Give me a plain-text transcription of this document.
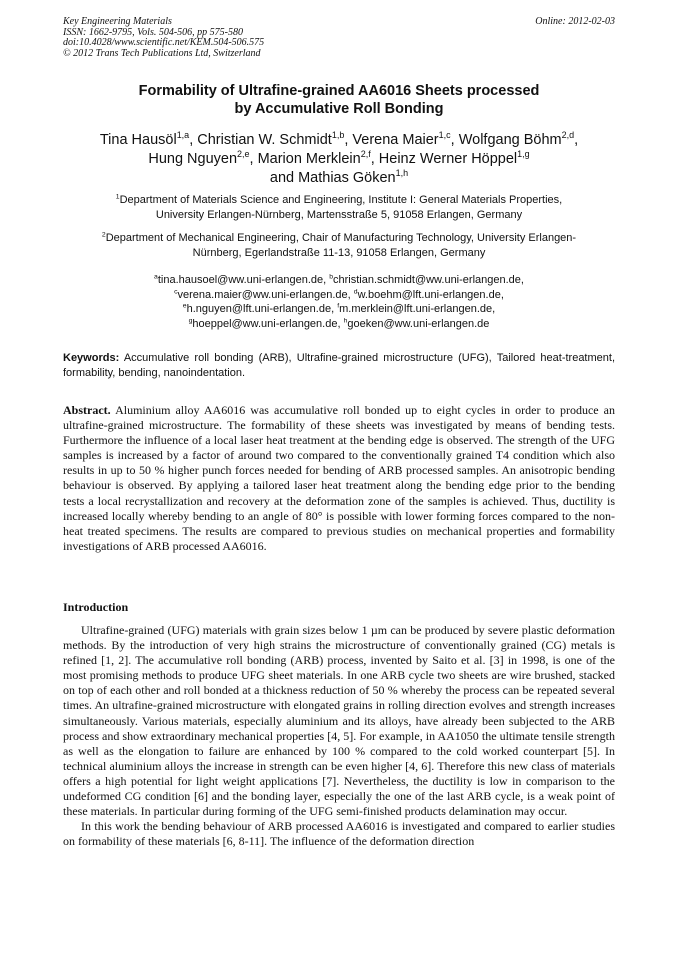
Key Engineering Materials
ISSN: 1662-9795, Vols. 504-506, pp 575-580
doi:10.4028/www.scientific.net/KEM.504-506.575
© 2012 Trans Tech Publications Ltd, Switzerland
Online: 2012-02-03
Formability of Ultrafine-grained AA6016 Sheets processed
by Accumulative Roll Bonding
Tina Hausöl$^{1,a}$, Christian W. Schmidt$^{1,b}$, Verena Maier$^{1,c}$, Wolfgang Böhm$^{2,d}$,
Hung Nguyen$^{2,e}$, Marion Merklein$^{2,f}$, Heinz Werner Höppel$^{1,g}$
and Mathias Göken$^{1,h}$
$^1$Department of Materials Science and Engineering, Institute I: General Materials Properties,
University Erlangen-Nürnberg, Martensstraße 5, 91058 Erlangen, Germany
$^2$Department of Mechanical Engineering, Chair of Manufacturing Technology, University Erlangen-
Nürnberg, Egerlandstraße 11-13, 91058 Erlangen, Germany
$^a$tina.hausoel@ww.uni-erlangen.de, $^b$christian.schmidt@ww.uni-erlangen.de,
$^c$verena.maier@ww.uni-erlangen.de, $^d$w.boehm@lft.uni-erlangen.de,
$^e$h.nguyen@lft.uni-erlangen.de, $^f$m.merklein@lft.uni-erlangen.de,
$^g$hoeppel@ww.uni-erlangen.de, $^h$goeken@ww.uni-erlangen.de
Keywords: Accumulative roll bonding (ARB), Ultrafine-grained microstructure (UFG), Tailored heat-treatment, formability, bending, nanoindentation.
Abstract. Aluminium alloy AA6016 was accumulative roll bonded up to eight cycles in order to produce an ultrafine-grained microstructure. The formability of these sheets was investigated by means of bending tests. Furthermore the influence of a local laser heat treatment at the bending edge is observed. The strength of the UFG samples is increased by a factor of around two compared to the conventionally grained T4 condition which also results in up to 50 % higher punch forces needed for bending of ARB processed samples. An anisotropic bending behaviour is observed. By applying a tailored laser heat treatment along the bending edge prior to the bending tests a local recrystallization and recovery at the deformation zone of the samples is achieved. Thus, ductility is increased locally whereby bending to an angle of 80° is possible with lower forming forces compared to the non-heat treated specimens. The results are compared to previous studies on mechanical properties and formability investigations of ARB processed AA6016.
Introduction

Ultrafine-grained (UFG) materials with grain sizes below 1 µm can be produced by severe plastic deformation methods. By the introduction of very high strains the microstructure of conventionally grained (CG) metals is refined [1, 2]. The accumulative roll bonding (ARB) process, invented by Saito et al. [3] in 1998, is one of the most promising methods to produce UFG sheet materials. In one ARB cycle two sheets are wire brushed, stacked on top of each other and roll bonded at a thickness reduction of 50 % whereby the process can be repeated several times. An ultrafine-grained microstructure with elongated grains in rolling direction evolves and strength increases simultaneously. Various materials, especially aluminium and its alloys, have already been subjected to the ARB process and show extraordinary mechanical properties [4, 5]. For example, in AA1050 the ultimate tensile strength as well as the elongation to failure are enhanced by 100 % compared to the cold worked counterpart [5]. In technical aluminium alloys the increase in strength can be even higher [4, 6]. Therefore this new class of materials offers a high potential for light weight applications [7]. Nevertheless, the ductility is low in comparison to the undeformed CG condition [6] and the bonding layer, especially the one of the last ARB cycle, is a weak point of these materials. In particular during forming of the UFG semi-finished products delamination may occur.

In this work the bending behaviour of ARB processed AA6016 is investigated and compared to earlier studies on formability of these materials [6, 8-11]. The influence of the deformation direction
